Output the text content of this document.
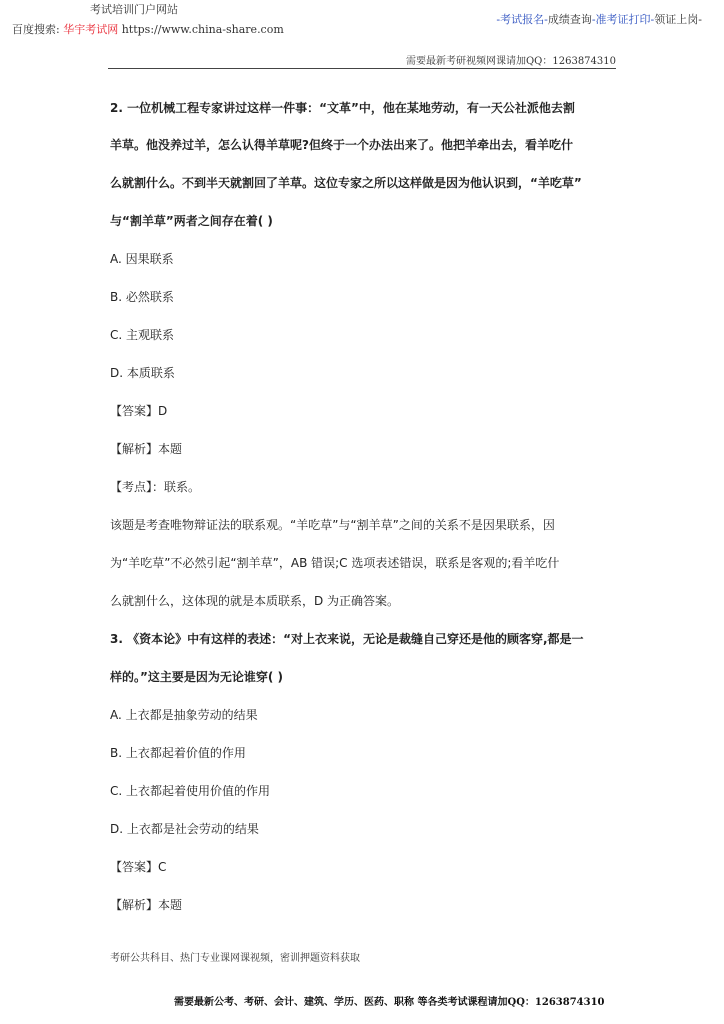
考试培训门户网站
百度搜索: 华宇考试网 https://www.china-share.com
-考试报名-成绩查询-准考证打印-领证上岗-
需要最新考研视频网课请加QQ：1263874310
2. 一位机械工程专家讲过这样一件事：“文革”中，他在某地劳动，有一天公社派他去割
羊草。他没养过羊，怎么认得羊草呢?但终于一个办法出来了。他把羊牵出去，看羊吃什
么就割什么。不到半天就割回了羊草。这位专家之所以这样做是因为他认识到，“羊吃草”
与“割羊草”两者之间存在着( )
A. 因果联系
B. 必然联系
C. 主观联系
D. 本质联系
【答案】D
【解析】本题
【考点】：联系。
该题是考查唯物辩证法的联系观。“羊吃草”与“割羊草”之间的关系不是因果联系，因
为“羊吃草”不必然引起“割羊草”，AB 错误;C 选项表述错误，联系是客观的;看羊吃什
么就割什么，这体现的就是本质联系，D 为正确答案。
3. 《资本论》中有这样的表述：“对上衣来说，无论是裁缝自己穿还是他的顾客穿,都是一
样的。”这主要是因为无论谁穿( )
A. 上衣都是抽象劳动的结果
B. 上衣都起着价值的作用
C. 上衣都起着使用价值的作用
D. 上衣都是社会劳动的结果
【答案】C
【解析】本题
考研公共科目、热门专业课网课视频，密训押题资料获取
需要最新公考、考研、会计、建筑、学历、医药、职称 等各类考试课程请加QQ：1263874310
